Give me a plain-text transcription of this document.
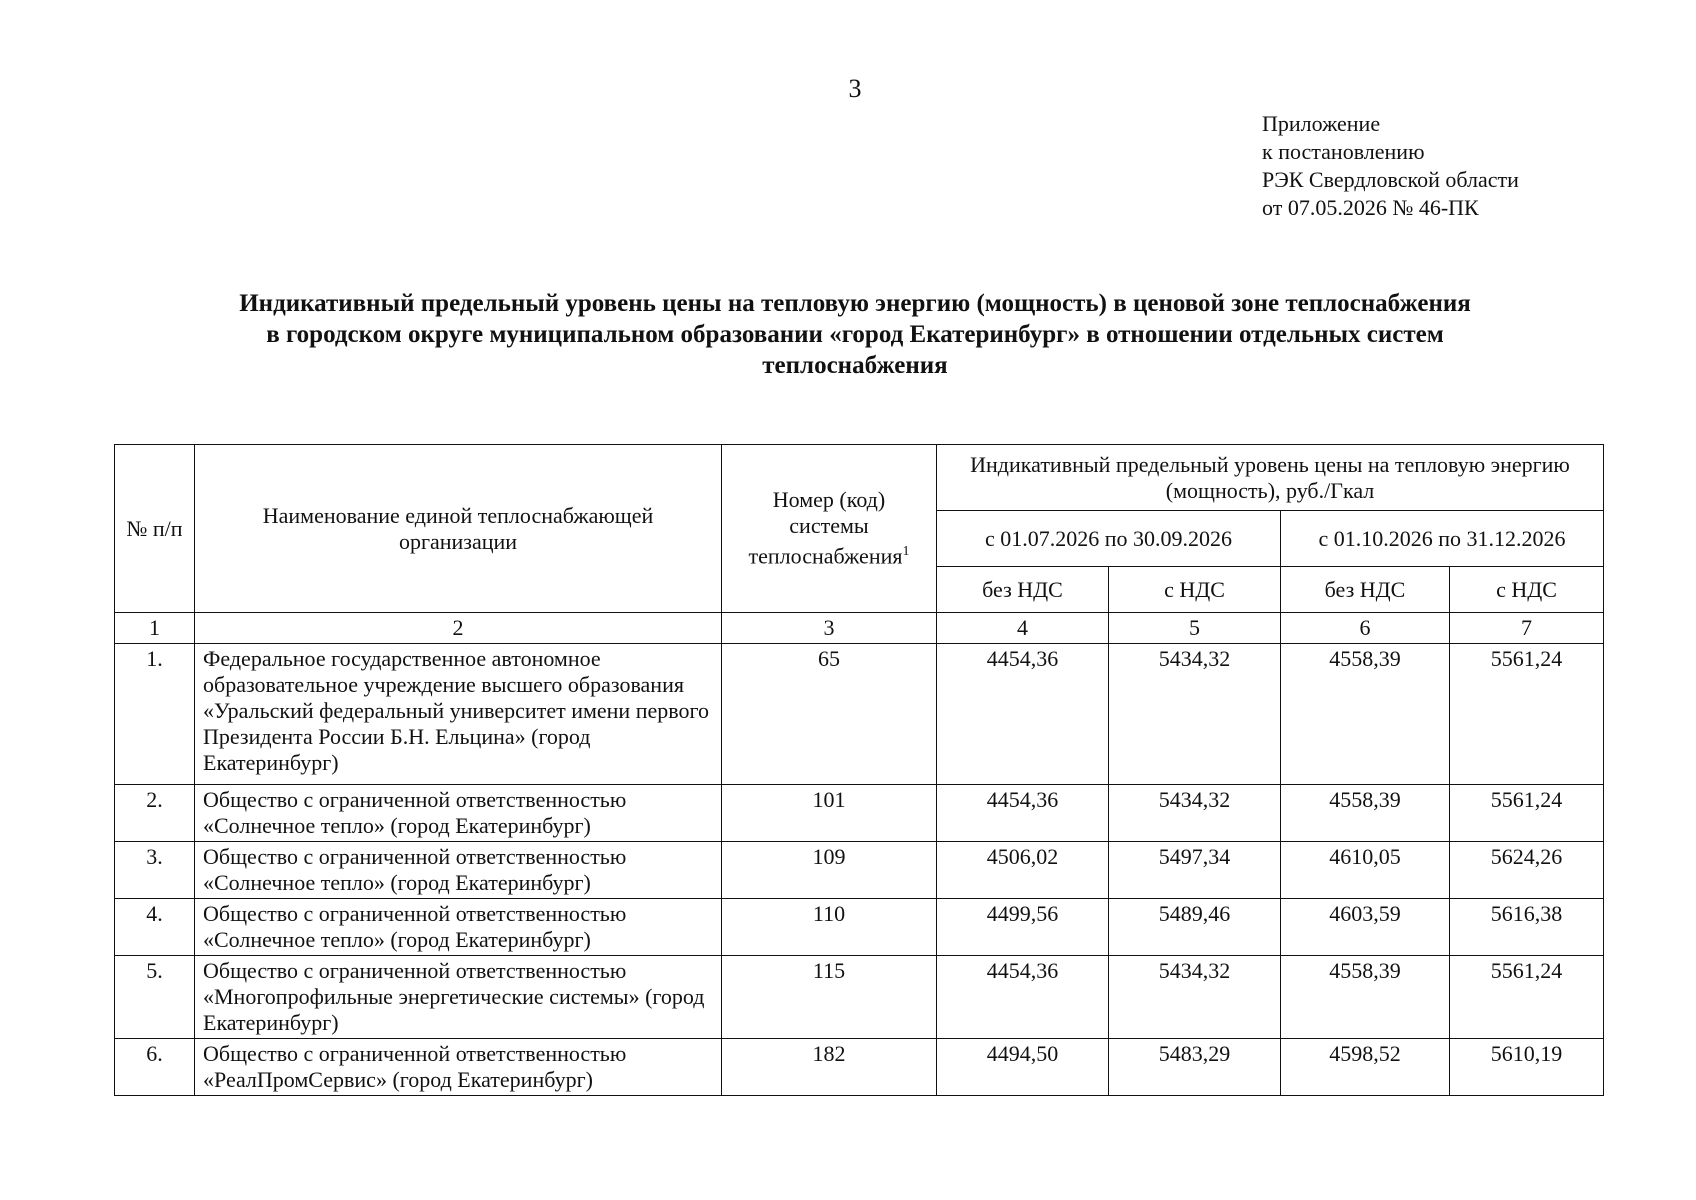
3
Приложение
к постановлению
РЭК Свердловской области
от 07.05.2026 № 46-ПК
Индикативный предельный уровень цены на тепловую энергию (мощность) в ценовой зоне теплоснабжения
в городском округе муниципальном образовании «город Екатеринбург» в отношении отдельных систем
теплоснабжения
№ п/п	Наименование единой теплоснабжающей организации	Номер (код) системы теплоснабжения$^1$	Индикативный предельный уровень цены на тепловую энергию (мощность), руб./Гкал			

			с 01.07.2026 по 30.09.2026		с 01.10.2026 по 31.12.2026	
			без НДС	с НДС	без НДС	с НДС
1	2	3	4	5	6	7
1.	Федеральное государственное автономное образовательное учреждение высшего образования «Уральский федеральный университет имени первого Президента России Б.Н. Ельцина» (город Екатеринбург)	65	4454,36	5434,32	4558,39	5561,24
2.	Общество с ограниченной ответственностью «Солнечное тепло» (город Екатеринбург)	101	4454,36	5434,32	4558,39	5561,24
3.	Общество с ограниченной ответственностью «Солнечное тепло» (город Екатеринбург)	109	4506,02	5497,34	4610,05	5624,26
4.	Общество с ограниченной ответственностью «Солнечное тепло» (город Екатеринбург)	110	4499,56	5489,46	4603,59	5616,38
5.	Общество с ограниченной ответственностью «Многопрофильные энергетические системы» (город Екатеринбург)	115	4454,36	5434,32	4558,39	5561,24
6.	Общество с ограниченной ответственностью «РеалПромСервис» (город Екатеринбург)	182	4494,50	5483,29	4598,52	5610,19
